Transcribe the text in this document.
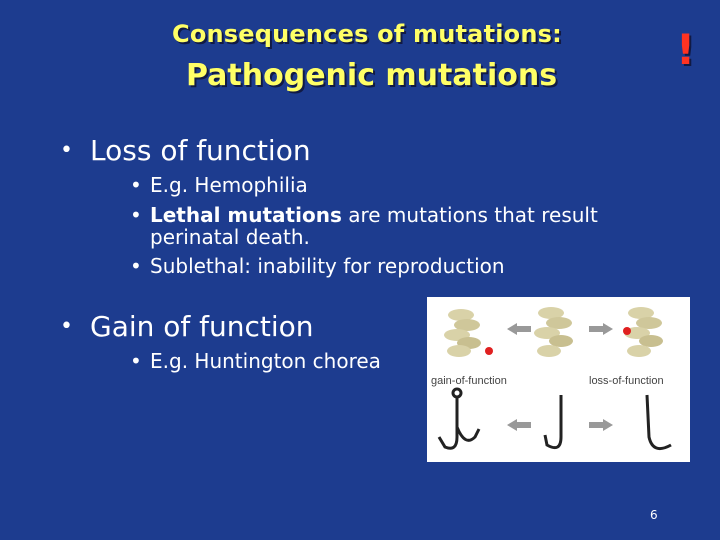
Consequences of mutations:
Pathogenic mutations
!
• Loss of function
• E.g. Hemophilia
• Lethal mutations are mutations that result
perinatal death.
• Sublethal: inability for reproduction
• Gain of function
• E.g. Huntington chorea
gain-of-function	loss-of-function
6
